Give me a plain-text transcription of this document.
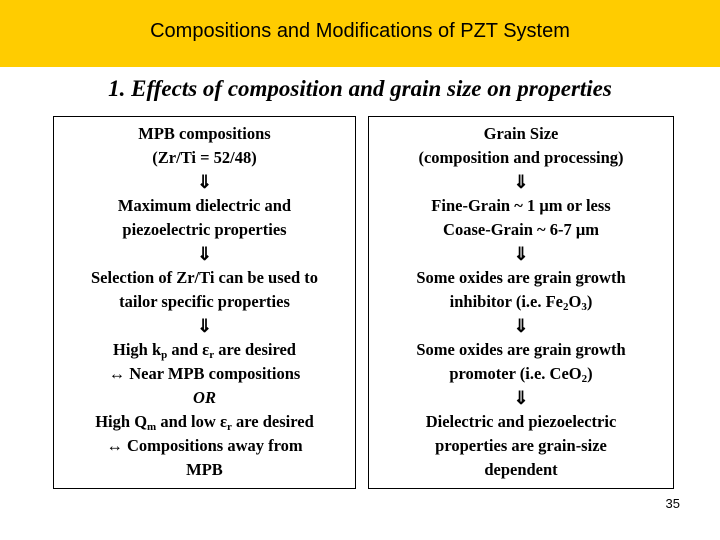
Compositions and Modifications of PZT System
1. Effects of composition and grain size on properties
MPB compositions
(Zr/Ti = 52/48)
⇓
Maximum dielectric and
piezoelectric properties
⇓
Selection of Zr/Ti can be used to
tailor specific properties
⇓
High $k_p$ and $\varepsilon_r$ are desired
↔ Near MPB compositions
OR
High $Q_m$ and low $\varepsilon_r$ are desired
↔ Compositions away from
MPB
Grain Size
(composition and processing)
⇓
Fine-Grain ~ 1 μm or less
Coase-Grain ~ 6-7 μm
⇓
Some oxides are grain growth
inhibitor (i.e. $Fe_2O_3$)
⇓
Some oxides are grain growth
promoter (i.e. CeO$_2$)
⇓
Dielectric and piezoelectric
properties are grain-size
dependent
35
